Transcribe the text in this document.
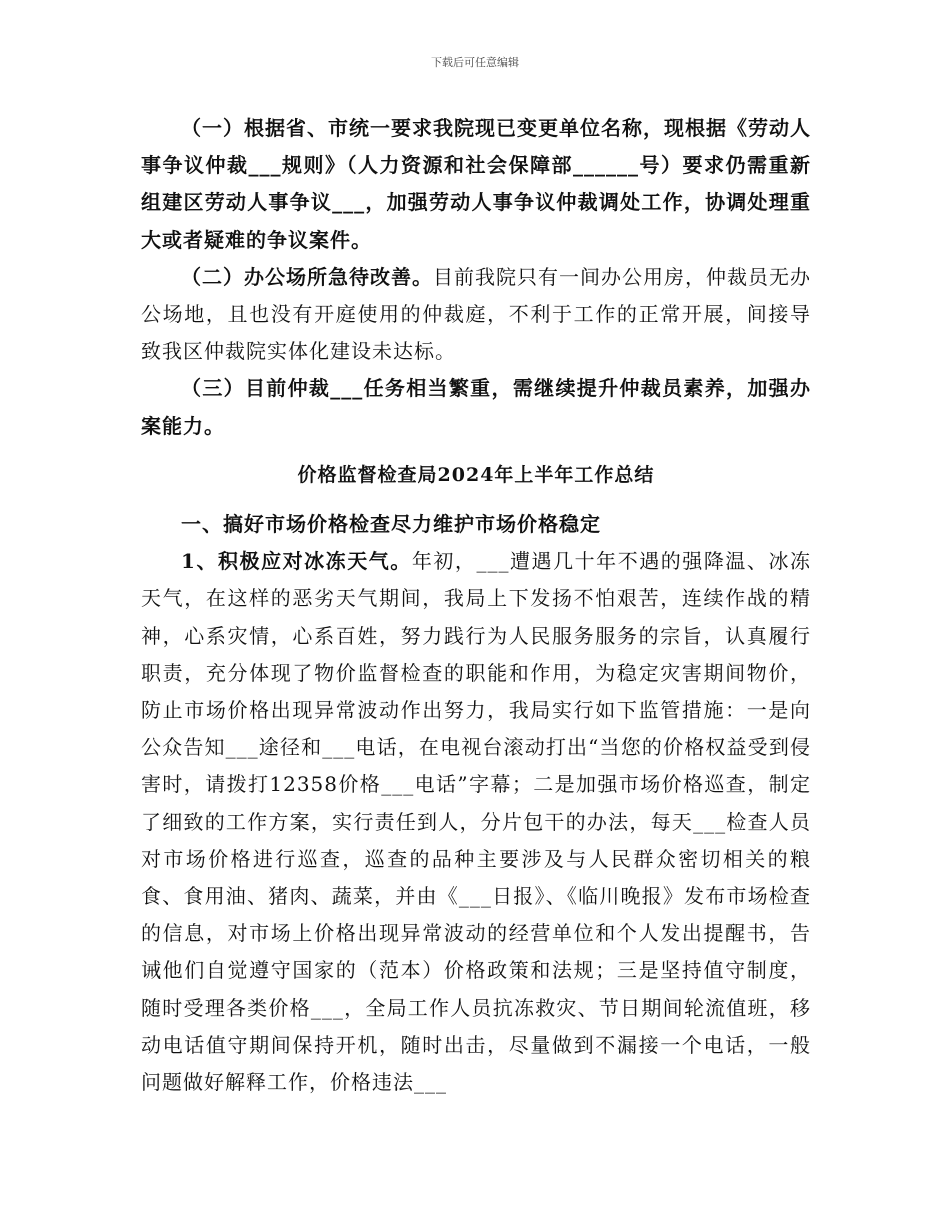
下载后可任意编辑

（一）根据省、市统一要求我院现已变更单位名称，现根据《劳动人事争议仲裁___规则》（人力资源和社会保障部______号）要求仍需重新组建区劳动人事争议___，加强劳动人事争议仲裁调处工作，协调处理重大或者疑难的争议案件。

（二）办公场所急待改善。目前我院只有一间办公用房，仲裁员无办公场地，且也没有开庭使用的仲裁庭，不利于工作的正常开展，间接导致我区仲裁院实体化建设未达标。

（三）目前仲裁___任务相当繁重，需继续提升仲裁员素养，加强办案能力。

价格监督检查局2024年上半年工作总结

一、搞好市场价格检查尽力维护市场价格稳定

1、积极应对冰冻天气。年初，___遭遇几十年不遇的强降温、冰冻天气，在这样的恶劣天气期间，我局上下发扬不怕艰苦，连续作战的精神，心系灾情，心系百姓，努力践行为人民服务服务的宗旨，认真履行职责，充分体现了物价监督检查的职能和作用，为稳定灾害期间物价，防止市场价格出现异常波动作出努力，我局实行如下监管措施：一是向公众告知___途径和___电话，在电视台滚动打出“当您的价格权益受到侵害时，请拨打12358价格___电话”字幕；二是加强市场价格巡查，制定了细致的工作方案，实行责任到人，分片包干的办法，每天___检查人员对市场价格进行巡查，巡查的品种主要涉及与人民群众密切相关的粮食、食用油、猪肉、蔬菜，并由《___日报》、《临川晚报》发布市场检查的信息，对市场上价格出现异常波动的经营单位和个人发出提醒书，告诫他们自觉遵守国家的（范本）价格政策和法规；三是坚持值守制度，随时受理各类价格___，全局工作人员抗冻救灾、节日期间轮流值班，移动电话值守期间保持开机，随时出击，尽量做到不漏接一个电话，一般问题做好解释工作，价格违法___
